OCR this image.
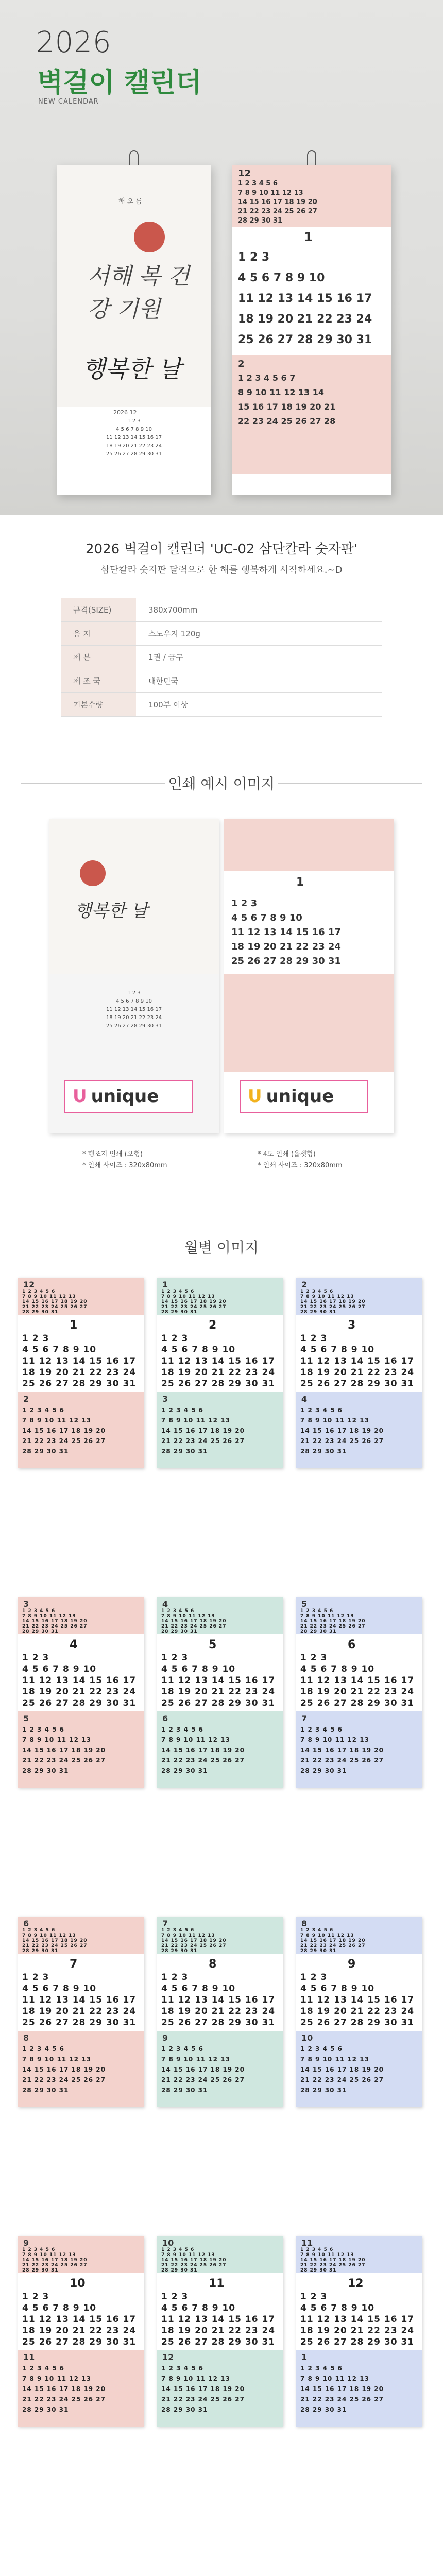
2026
벽걸이 캘린더
NEW CALENDAR
해 오 름
서해 복 건강 기원
행복한 날
2026 12
1 2 3
4 5 6 7 8 9 10
11 12 13 14 15 16 17
18 19 20 21 22 23 24
25 26 27 28 29 30 31
12
1 2 3 4 5 6
7 8 9 10 11 12 13
14 15 16 17 18 19 20
21 22 23 24 25 26 27
28 29 30 31
1
1 2 3
4 5 6 7 8 9 10
11 12 13 14 15 16 17
18 19 20 21 22 23 24
25 26 27 28 29 30 31
2
1 2 3 4 5 6 7
8 9 10 11 12 13 14
15 16 17 18 19 20 21
22 23 24 25 26 27 28
2026 벽걸이 캘린더 'UC-02 삼단칼라 숫자판'
삼단칼라 숫자판 달력으로 한 해를 행복하게 시작하세요.~D
규격(SIZE)	380x700mm
용 지	스노우지 120g
제 본	1권 / 금구
제 조 국	대한민국
기본수량	100부 이상
인쇄 예시 이미지
행복한 날
1 2 3
4 5 6 7 8 9 10
11 12 13 14 15 16 17
18 19 20 21 22 23 24
25 26 27 28 29 30 31
U unique
1
1 2 3
4 5 6 7 8 9 10
11 12 13 14 15 16 17
18 19 20 21 22 23 24
25 26 27 28 29 30 31
U unique
* 행조지 인쇄 (오형)
* 인쇄 사이즈 : 320x80mm
* 4도 인쇄 (옵셋형)
* 인쇄 사이즈 : 320x80mm
월별 이미지
12
1
2
1 2 3 4 5 6
7 8 9 10 11 12 13
14 15 16 17 18 19 20
21 22 23 24 25 26 27
28 29 30 31
1 2 3
4 5 6 7 8 9 10
11 12 13 14 15 16 17
18 19 20 21 22 23 24
25 26 27 28 29 30 31
1 2 3 4 5 6
7 8 9 10 11 12 13
14 15 16 17 18 19 20
21 22 23 24 25 26 27
28 29 30 31
1
2
3
1 2 3 4 5 6
7 8 9 10 11 12 13
14 15 16 17 18 19 20
21 22 23 24 25 26 27
28 29 30 31
1 2 3
4 5 6 7 8 9 10
11 12 13 14 15 16 17
18 19 20 21 22 23 24
25 26 27 28 29 30 31
1 2 3 4 5 6
7 8 9 10 11 12 13
14 15 16 17 18 19 20
21 22 23 24 25 26 27
28 29 30 31
2
3
4
1 2 3 4 5 6
7 8 9 10 11 12 13
14 15 16 17 18 19 20
21 22 23 24 25 26 27
28 29 30 31
1 2 3
4 5 6 7 8 9 10
11 12 13 14 15 16 17
18 19 20 21 22 23 24
25 26 27 28 29 30 31
1 2 3 4 5 6
7 8 9 10 11 12 13
14 15 16 17 18 19 20
21 22 23 24 25 26 27
28 29 30 31
3
4
5
1 2 3 4 5 6
7 8 9 10 11 12 13
14 15 16 17 18 19 20
21 22 23 24 25 26 27
28 29 30 31
1 2 3
4 5 6 7 8 9 10
11 12 13 14 15 16 17
18 19 20 21 22 23 24
25 26 27 28 29 30 31
1 2 3 4 5 6
7 8 9 10 11 12 13
14 15 16 17 18 19 20
21 22 23 24 25 26 27
28 29 30 31
4
5
6
1 2 3 4 5 6
7 8 9 10 11 12 13
14 15 16 17 18 19 20
21 22 23 24 25 26 27
28 29 30 31
1 2 3
4 5 6 7 8 9 10
11 12 13 14 15 16 17
18 19 20 21 22 23 24
25 26 27 28 29 30 31
1 2 3 4 5 6
7 8 9 10 11 12 13
14 15 16 17 18 19 20
21 22 23 24 25 26 27
28 29 30 31
5
6
7
1 2 3 4 5 6
7 8 9 10 11 12 13
14 15 16 17 18 19 20
21 22 23 24 25 26 27
28 29 30 31
1 2 3
4 5 6 7 8 9 10
11 12 13 14 15 16 17
18 19 20 21 22 23 24
25 26 27 28 29 30 31
1 2 3 4 5 6
7 8 9 10 11 12 13
14 15 16 17 18 19 20
21 22 23 24 25 26 27
28 29 30 31
6
7
8
1 2 3 4 5 6
7 8 9 10 11 12 13
14 15 16 17 18 19 20
21 22 23 24 25 26 27
28 29 30 31
1 2 3
4 5 6 7 8 9 10
11 12 13 14 15 16 17
18 19 20 21 22 23 24
25 26 27 28 29 30 31
1 2 3 4 5 6
7 8 9 10 11 12 13
14 15 16 17 18 19 20
21 22 23 24 25 26 27
28 29 30 31
7
8
9
1 2 3 4 5 6
7 8 9 10 11 12 13
14 15 16 17 18 19 20
21 22 23 24 25 26 27
28 29 30 31
1 2 3
4 5 6 7 8 9 10
11 12 13 14 15 16 17
18 19 20 21 22 23 24
25 26 27 28 29 30 31
1 2 3 4 5 6
7 8 9 10 11 12 13
14 15 16 17 18 19 20
21 22 23 24 25 26 27
28 29 30 31
8
9
10
1 2 3 4 5 6
7 8 9 10 11 12 13
14 15 16 17 18 19 20
21 22 23 24 25 26 27
28 29 30 31
1 2 3
4 5 6 7 8 9 10
11 12 13 14 15 16 17
18 19 20 21 22 23 24
25 26 27 28 29 30 31
1 2 3 4 5 6
7 8 9 10 11 12 13
14 15 16 17 18 19 20
21 22 23 24 25 26 27
28 29 30 31
9
10
11
1 2 3 4 5 6
7 8 9 10 11 12 13
14 15 16 17 18 19 20
21 22 23 24 25 26 27
28 29 30 31
1 2 3
4 5 6 7 8 9 10
11 12 13 14 15 16 17
18 19 20 21 22 23 24
25 26 27 28 29 30 31
1 2 3 4 5 6
7 8 9 10 11 12 13
14 15 16 17 18 19 20
21 22 23 24 25 26 27
28 29 30 31
10
11
12
1 2 3 4 5 6
7 8 9 10 11 12 13
14 15 16 17 18 19 20
21 22 23 24 25 26 27
28 29 30 31
1 2 3
4 5 6 7 8 9 10
11 12 13 14 15 16 17
18 19 20 21 22 23 24
25 26 27 28 29 30 31
1 2 3 4 5 6
7 8 9 10 11 12 13
14 15 16 17 18 19 20
21 22 23 24 25 26 27
28 29 30 31
11
12
1
1 2 3 4 5 6
7 8 9 10 11 12 13
14 15 16 17 18 19 20
21 22 23 24 25 26 27
28 29 30 31
1 2 3
4 5 6 7 8 9 10
11 12 13 14 15 16 17
18 19 20 21 22 23 24
25 26 27 28 29 30 31
1 2 3 4 5 6
7 8 9 10 11 12 13
14 15 16 17 18 19 20
21 22 23 24 25 26 27
28 29 30 31
